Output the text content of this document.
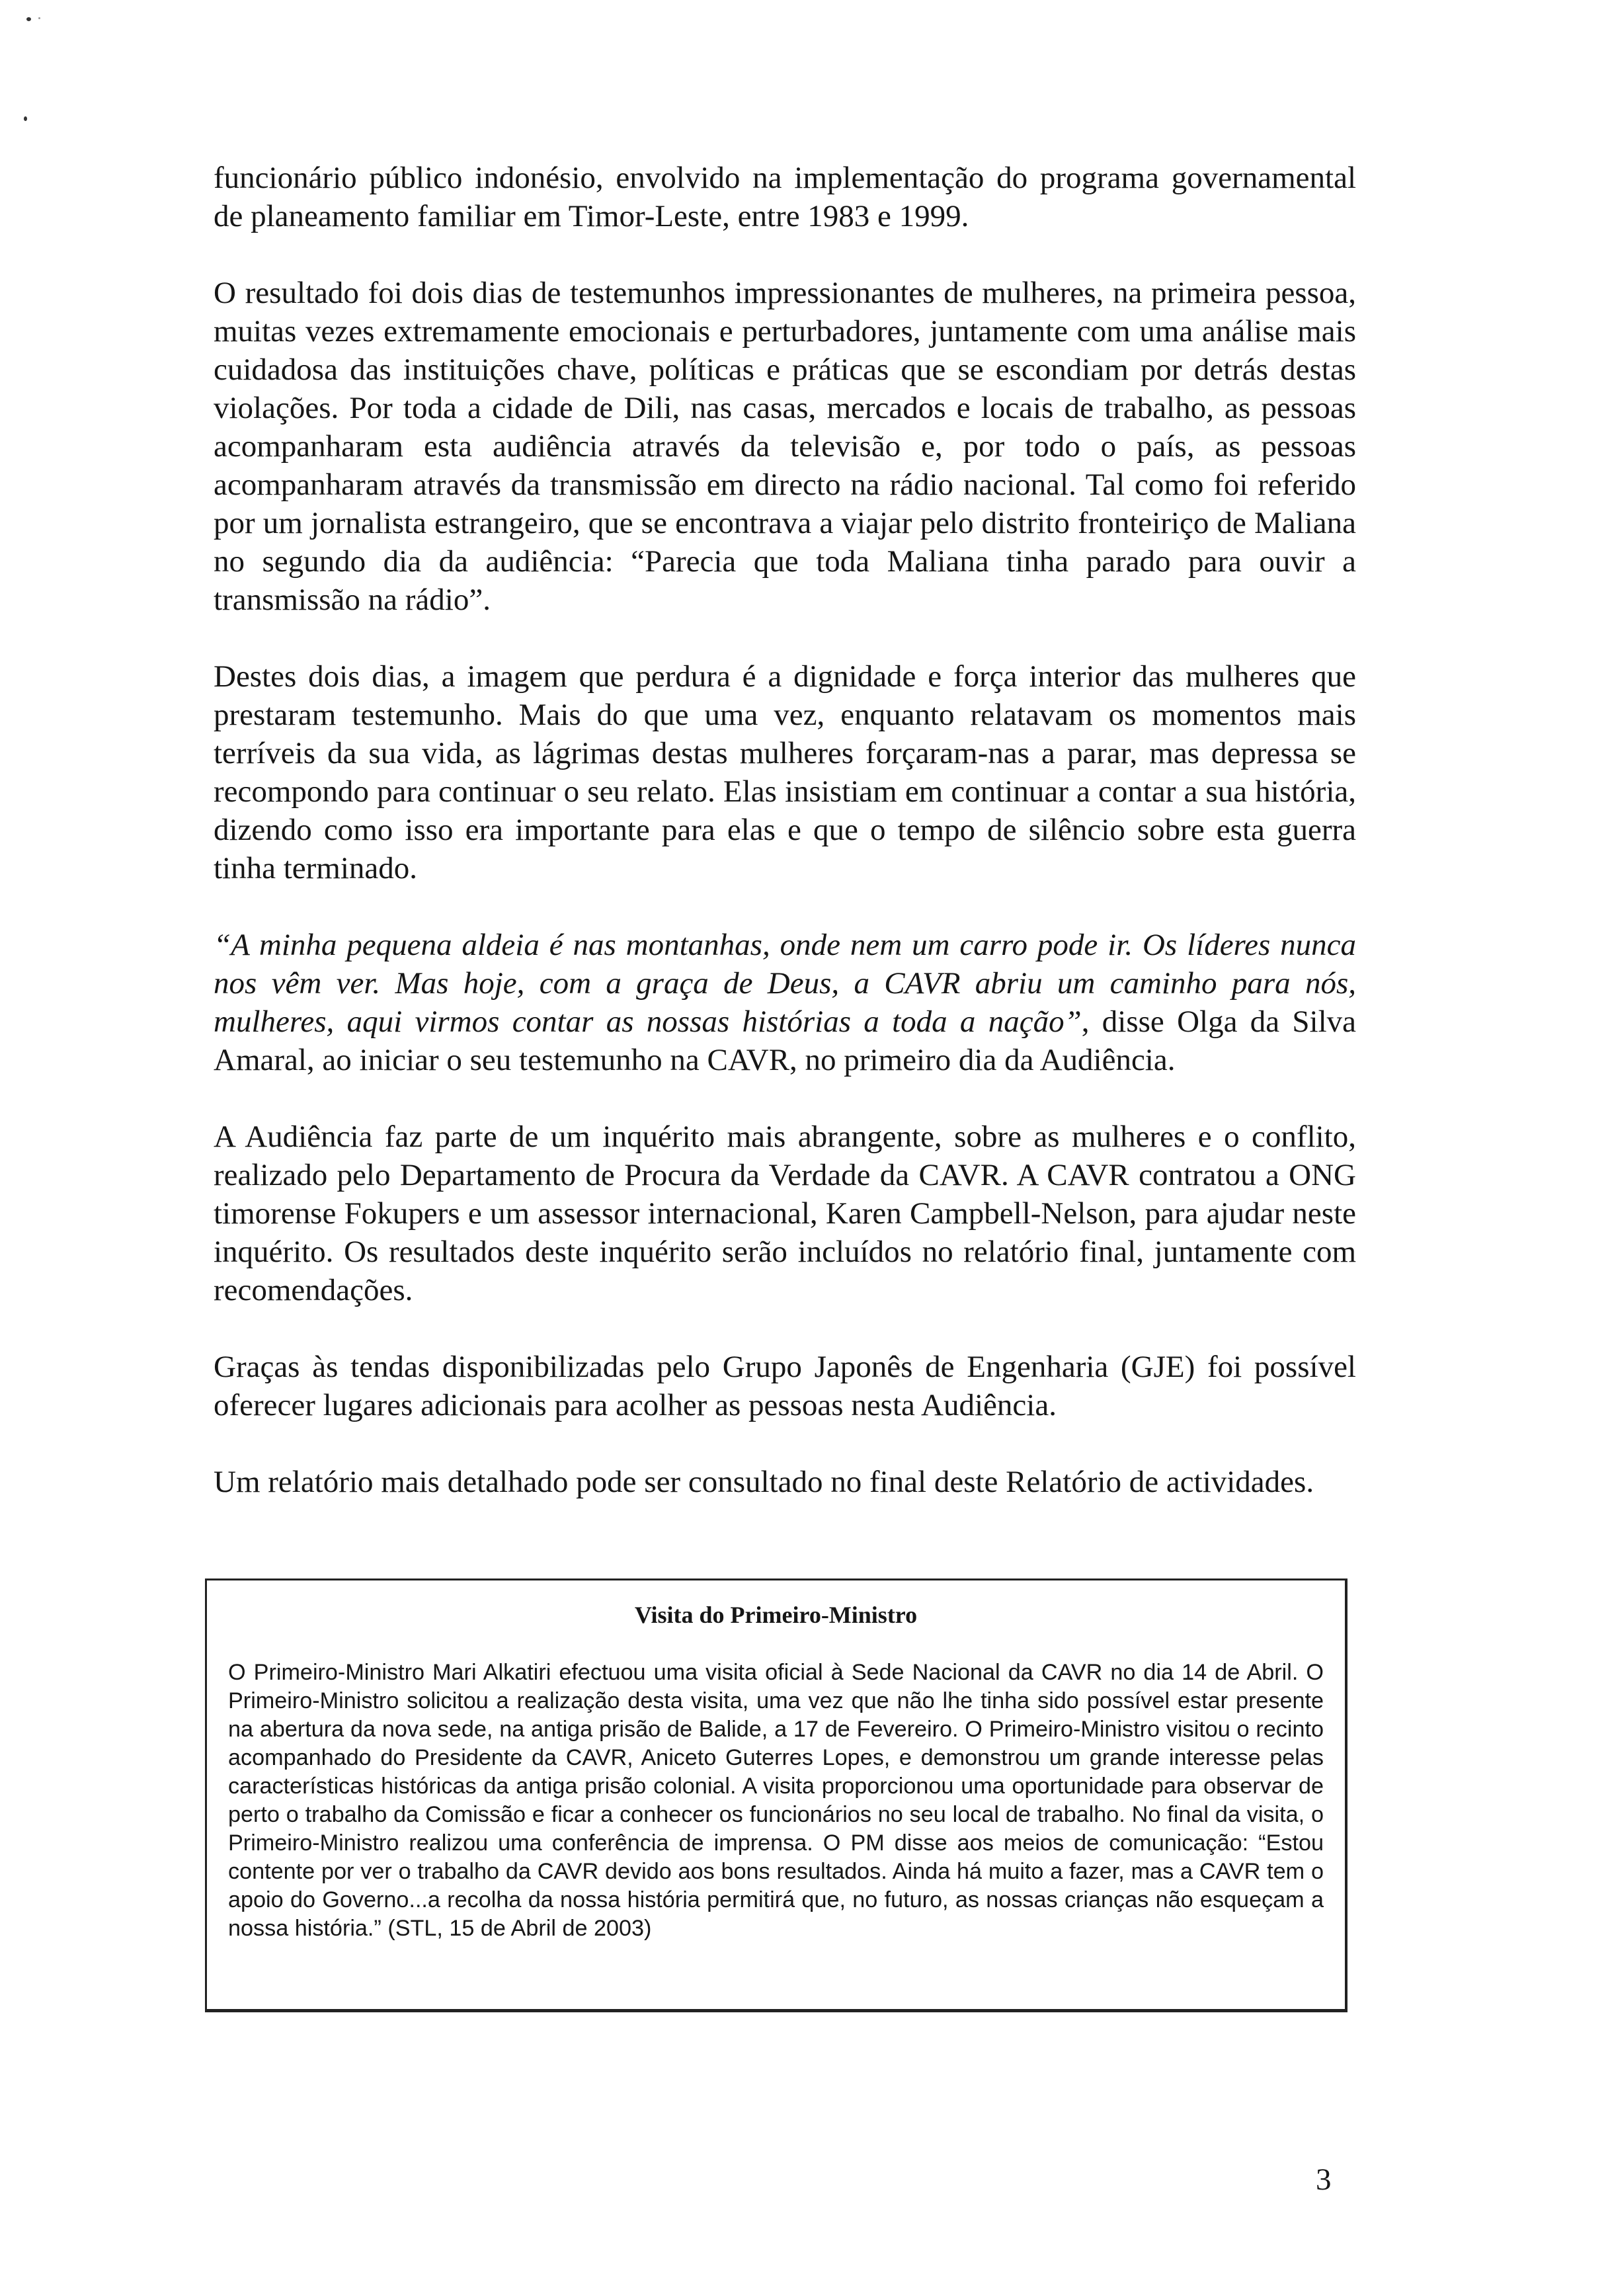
funcionário público indonésio, envolvido na implementação do programa governamental de planeamento familiar em Timor-Leste, entre 1983 e 1999.

O resultado foi dois dias de testemunhos impressionantes de mulheres, na primeira pessoa, muitas vezes extremamente emocionais e perturbadores, juntamente com uma análise mais cuidadosa das instituições chave, políticas e práticas que se escondiam por detrás destas violações. Por toda a cidade de Dili, nas casas, mercados e locais de trabalho, as pessoas acompanharam esta audiência através da televisão e, por todo o país, as pessoas acompanharam através da transmissão em directo na rádio nacional. Tal como foi referido por um jornalista estrangeiro, que se encontrava a viajar pelo distrito fronteiriço de Maliana no segundo dia da audiência: “Parecia que toda Maliana tinha parado para ouvir a transmissão na rádio”.

Destes dois dias, a imagem que perdura é a dignidade e força interior das mulheres que prestaram testemunho. Mais do que uma vez, enquanto relatavam os momentos mais terríveis da sua vida, as lágrimas destas mulheres forçaram-nas a parar, mas depressa se recompondo para continuar o seu relato. Elas insistiam em continuar a contar a sua história, dizendo como isso era importante para elas e que o tempo de silêncio sobre esta guerra tinha terminado.

“A minha pequena aldeia é nas montanhas, onde nem um carro pode ir. Os líderes nunca nos vêm ver. Mas hoje, com a graça de Deus, a CAVR abriu um caminho para nós, mulheres, aqui virmos contar as nossas histórias a toda a nação”, disse Olga da Silva Amaral, ao iniciar o seu testemunho na CAVR, no primeiro dia da Audiência.

A Audiência faz parte de um inquérito mais abrangente, sobre as mulheres e o conflito, realizado pelo Departamento de Procura da Verdade da CAVR. A CAVR contratou a ONG timorense Fokupers e um assessor internacional, Karen Campbell-Nelson, para ajudar neste inquérito. Os resultados deste inquérito serão incluídos no relatório final, juntamente com recomendações.

Graças às tendas disponibilizadas pelo Grupo Japonês de Engenharia (GJE) foi possível oferecer lugares adicionais para acolher as pessoas nesta Audiência.

Um relatório mais detalhado pode ser consultado no final deste Relatório de actividades.

Visita do Primeiro-Ministro

O Primeiro-Ministro Mari Alkatiri efectuou uma visita oficial à Sede Nacional da CAVR no dia 14 de Abril. O Primeiro-Ministro solicitou a realização desta visita, uma vez que não lhe tinha sido possível estar presente na abertura da nova sede, na antiga prisão de Balide, a 17 de Fevereiro. O Primeiro-Ministro visitou o recinto acompanhado do Presidente da CAVR, Aniceto Guterres Lopes, e demonstrou um grande interesse pelas características históricas da antiga prisão colonial. A visita proporcionou uma oportunidade para observar de perto o trabalho da Comissão e ficar a conhecer os funcionários no seu local de trabalho. No final da visita, o Primeiro-Ministro realizou uma conferência de imprensa. O PM disse aos meios de comunicação: “Estou contente por ver o trabalho da CAVR devido aos bons resultados. Ainda há muito a fazer, mas a CAVR tem o apoio do Governo...a recolha da nossa história permitirá que, no futuro, as nossas crianças não esqueçam a nossa história.” (STL, 15 de Abril de 2003)

3
